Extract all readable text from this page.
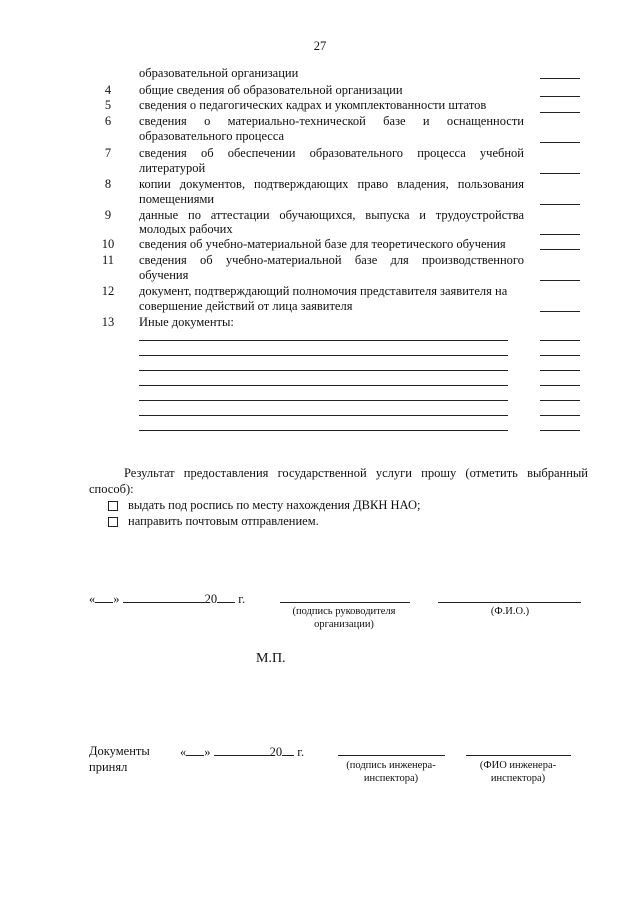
27
образовательной организации
4	общие сведения об образовательной организации
5	сведения о педагогических кадрах и укомплектованности штатов
6	сведения о материально-технической базе и оснащенности
образовательного процесса
7	сведения об обеспечении образовательного процесса учебной
литературой
8	копии документов, подтверждающих право владения, пользования
помещениями
9	данные по аттестации обучающихся, выпуска и трудоустройства
молодых рабочих
10	сведения об учебно-материальной базе для теоретического обучения
11	сведения об учебно-материальной базе для производственного
обучения
12	документ, подтверждающий полномочия представителя заявителя на
совершение действий от лица заявителя
13	Иные документы:
Результат предоставления государственной услуги прошу (отметить выбранный
способ):
выдать под роспись по месту нахождения ДВКН НАО;
направить почтовым отправлением.
« »	20 г.
(подпись руководителя
организации)
(Ф.И.О.)
М.П.
Документы
принял
« »	20 г.
(подпись инженера-
инспектора)
(ФИО инженера-
инспектора)
